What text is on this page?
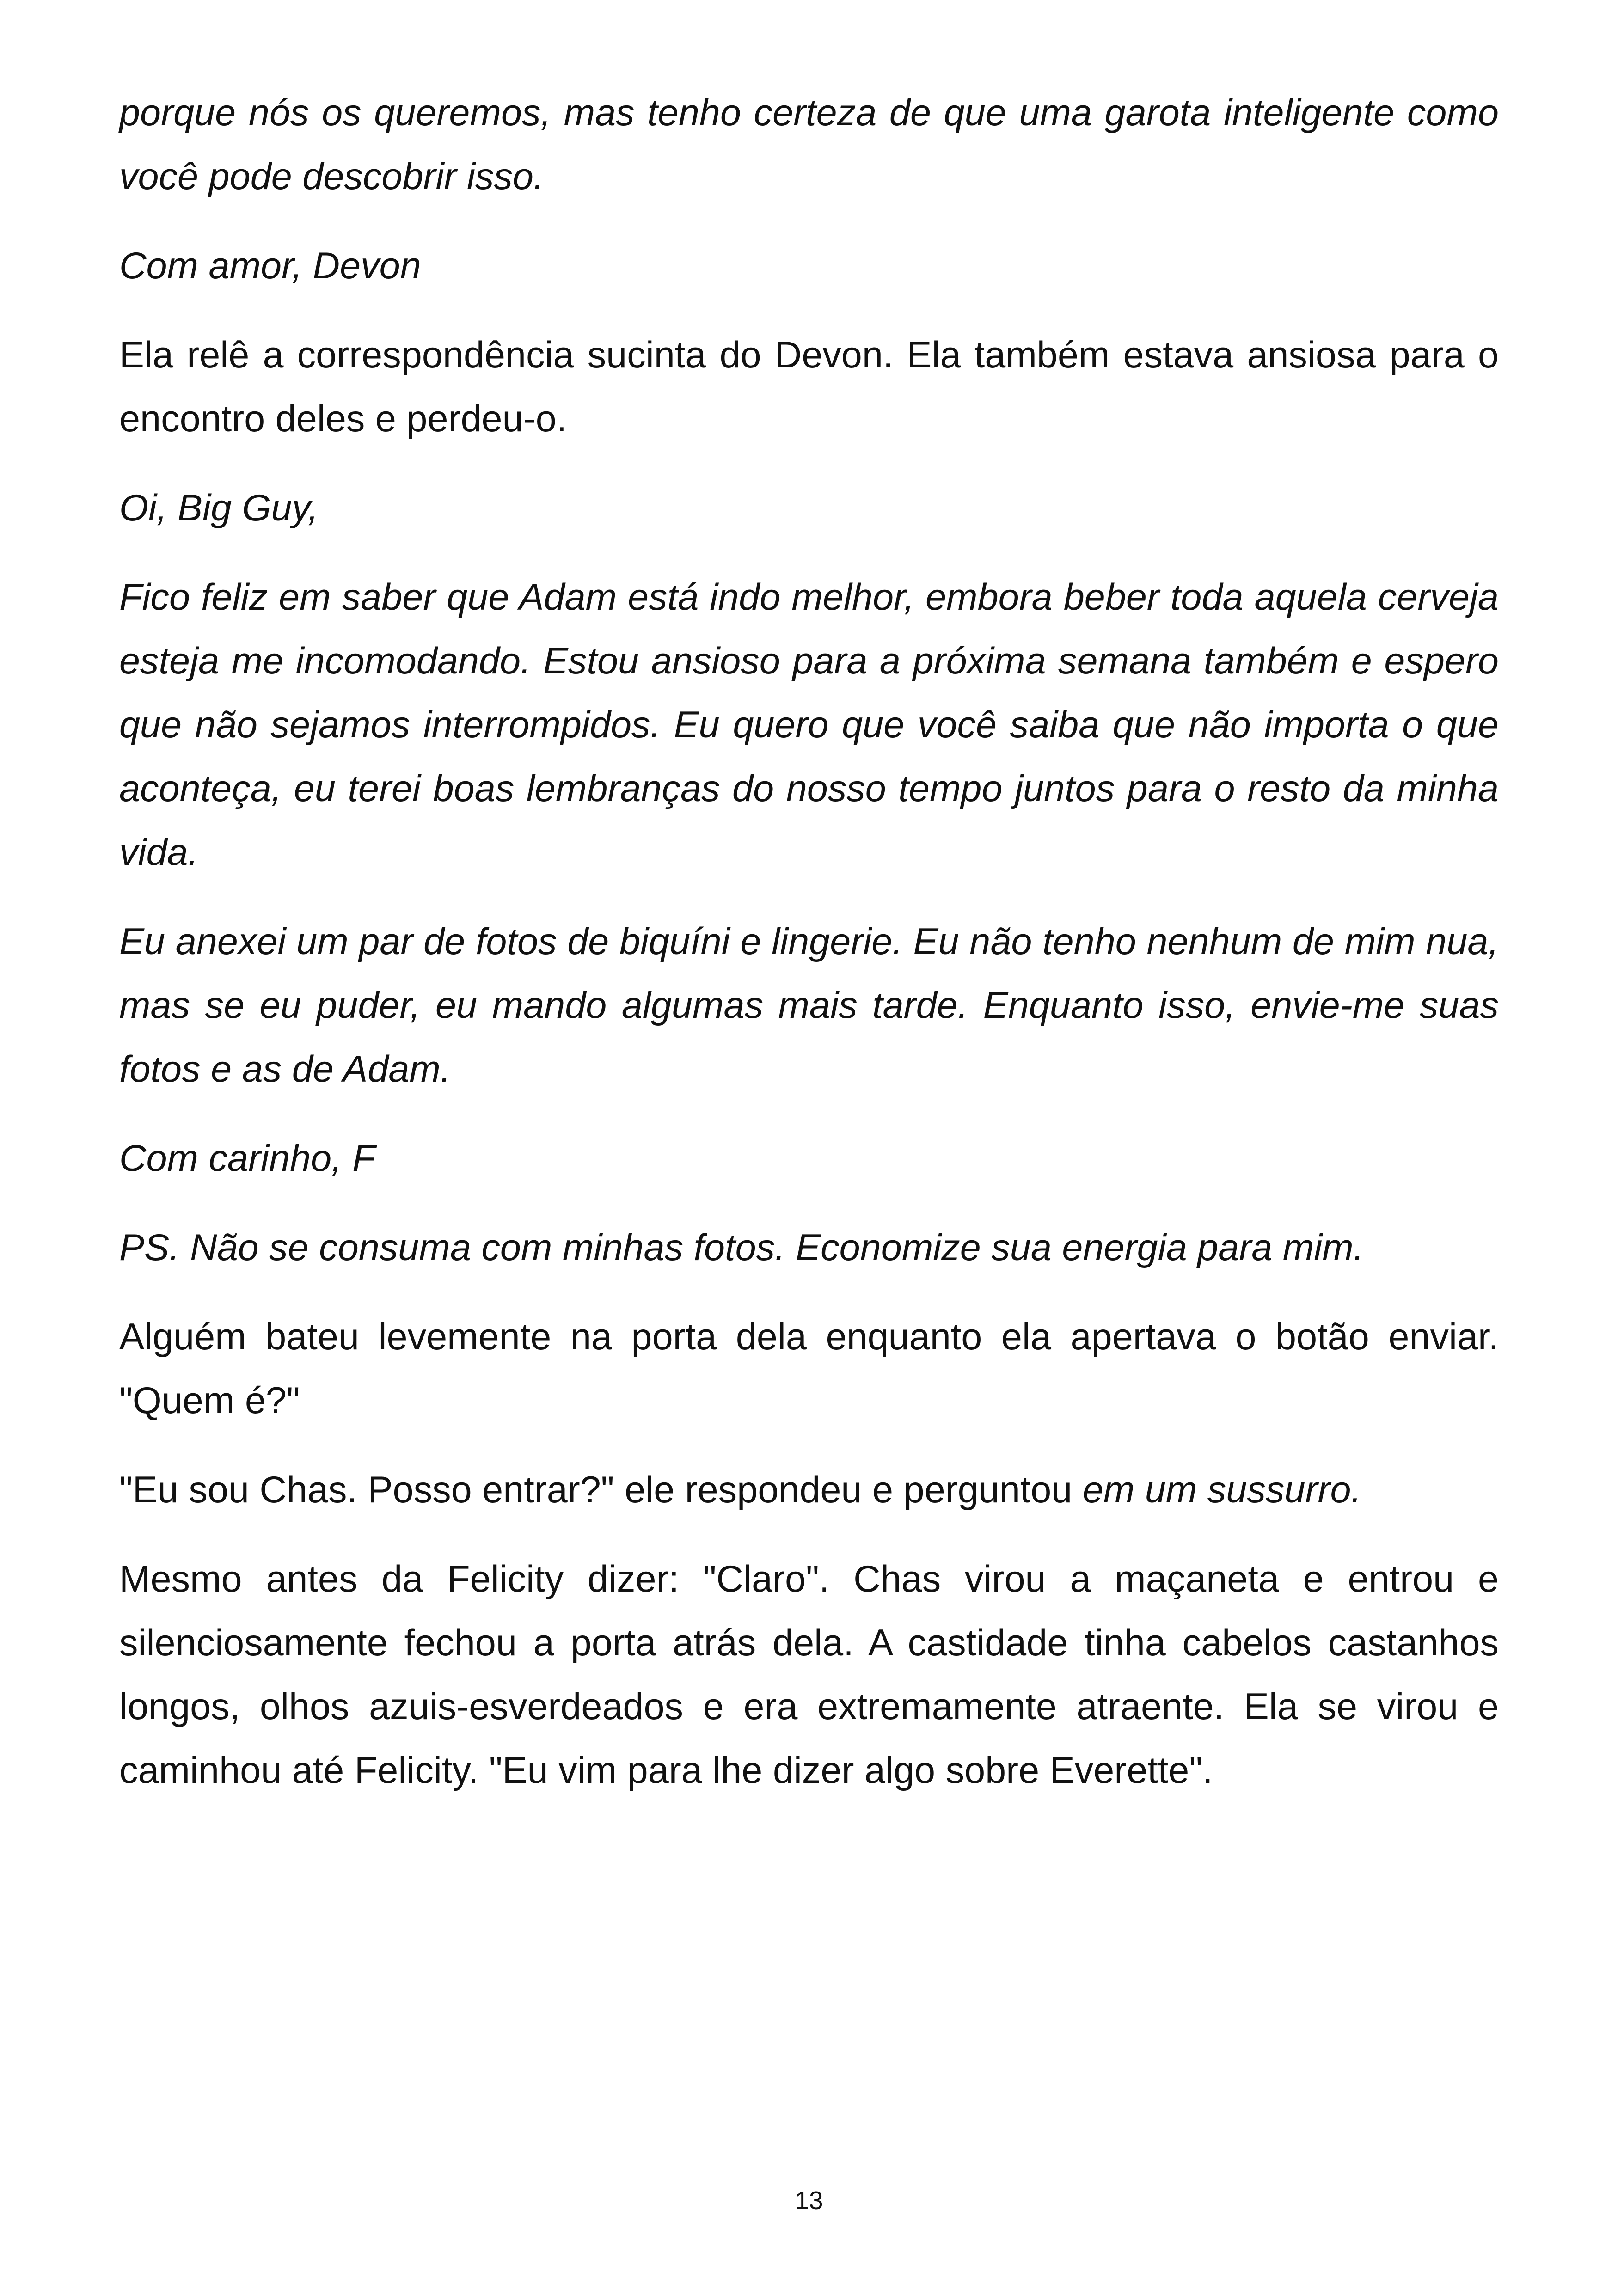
porque nós os queremos, mas tenho certeza de que uma garota inteligente como você pode descobrir isso.

Com amor, Devon

Ela relê a correspondência sucinta do Devon. Ela também estava ansiosa para o encontro deles e perdeu-o.

Oi, Big Guy,

Fico feliz em saber que Adam está indo melhor, embora beber toda aquela cerveja esteja me incomodando. Estou ansioso para a próxima semana também e espero que não sejamos interrompidos. Eu quero que você saiba que não importa o que aconteça, eu terei boas lembranças do nosso tempo juntos para o resto da minha vida.

Eu anexei um par de fotos de biquíni e lingerie. Eu não tenho nenhum de mim nua, mas se eu puder, eu mando algumas mais tarde. Enquanto isso, envie-me suas fotos e as de Adam.

Com carinho, F

PS. Não se consuma com minhas fotos. Economize sua energia para mim.

Alguém bateu levemente na porta dela enquanto ela apertava o botão enviar. "Quem é?"

"Eu sou Chas. Posso entrar?" ele respondeu e perguntou em um sussurro.

Mesmo antes da Felicity dizer: "Claro". Chas virou a maçaneta e entrou e silenciosamente fechou a porta atrás dela. A castidade tinha cabelos castanhos longos, olhos azuis-esverdeados e era extremamente atraente. Ela se virou e caminhou até Felicity. "Eu vim para lhe dizer algo sobre Everette".

13
